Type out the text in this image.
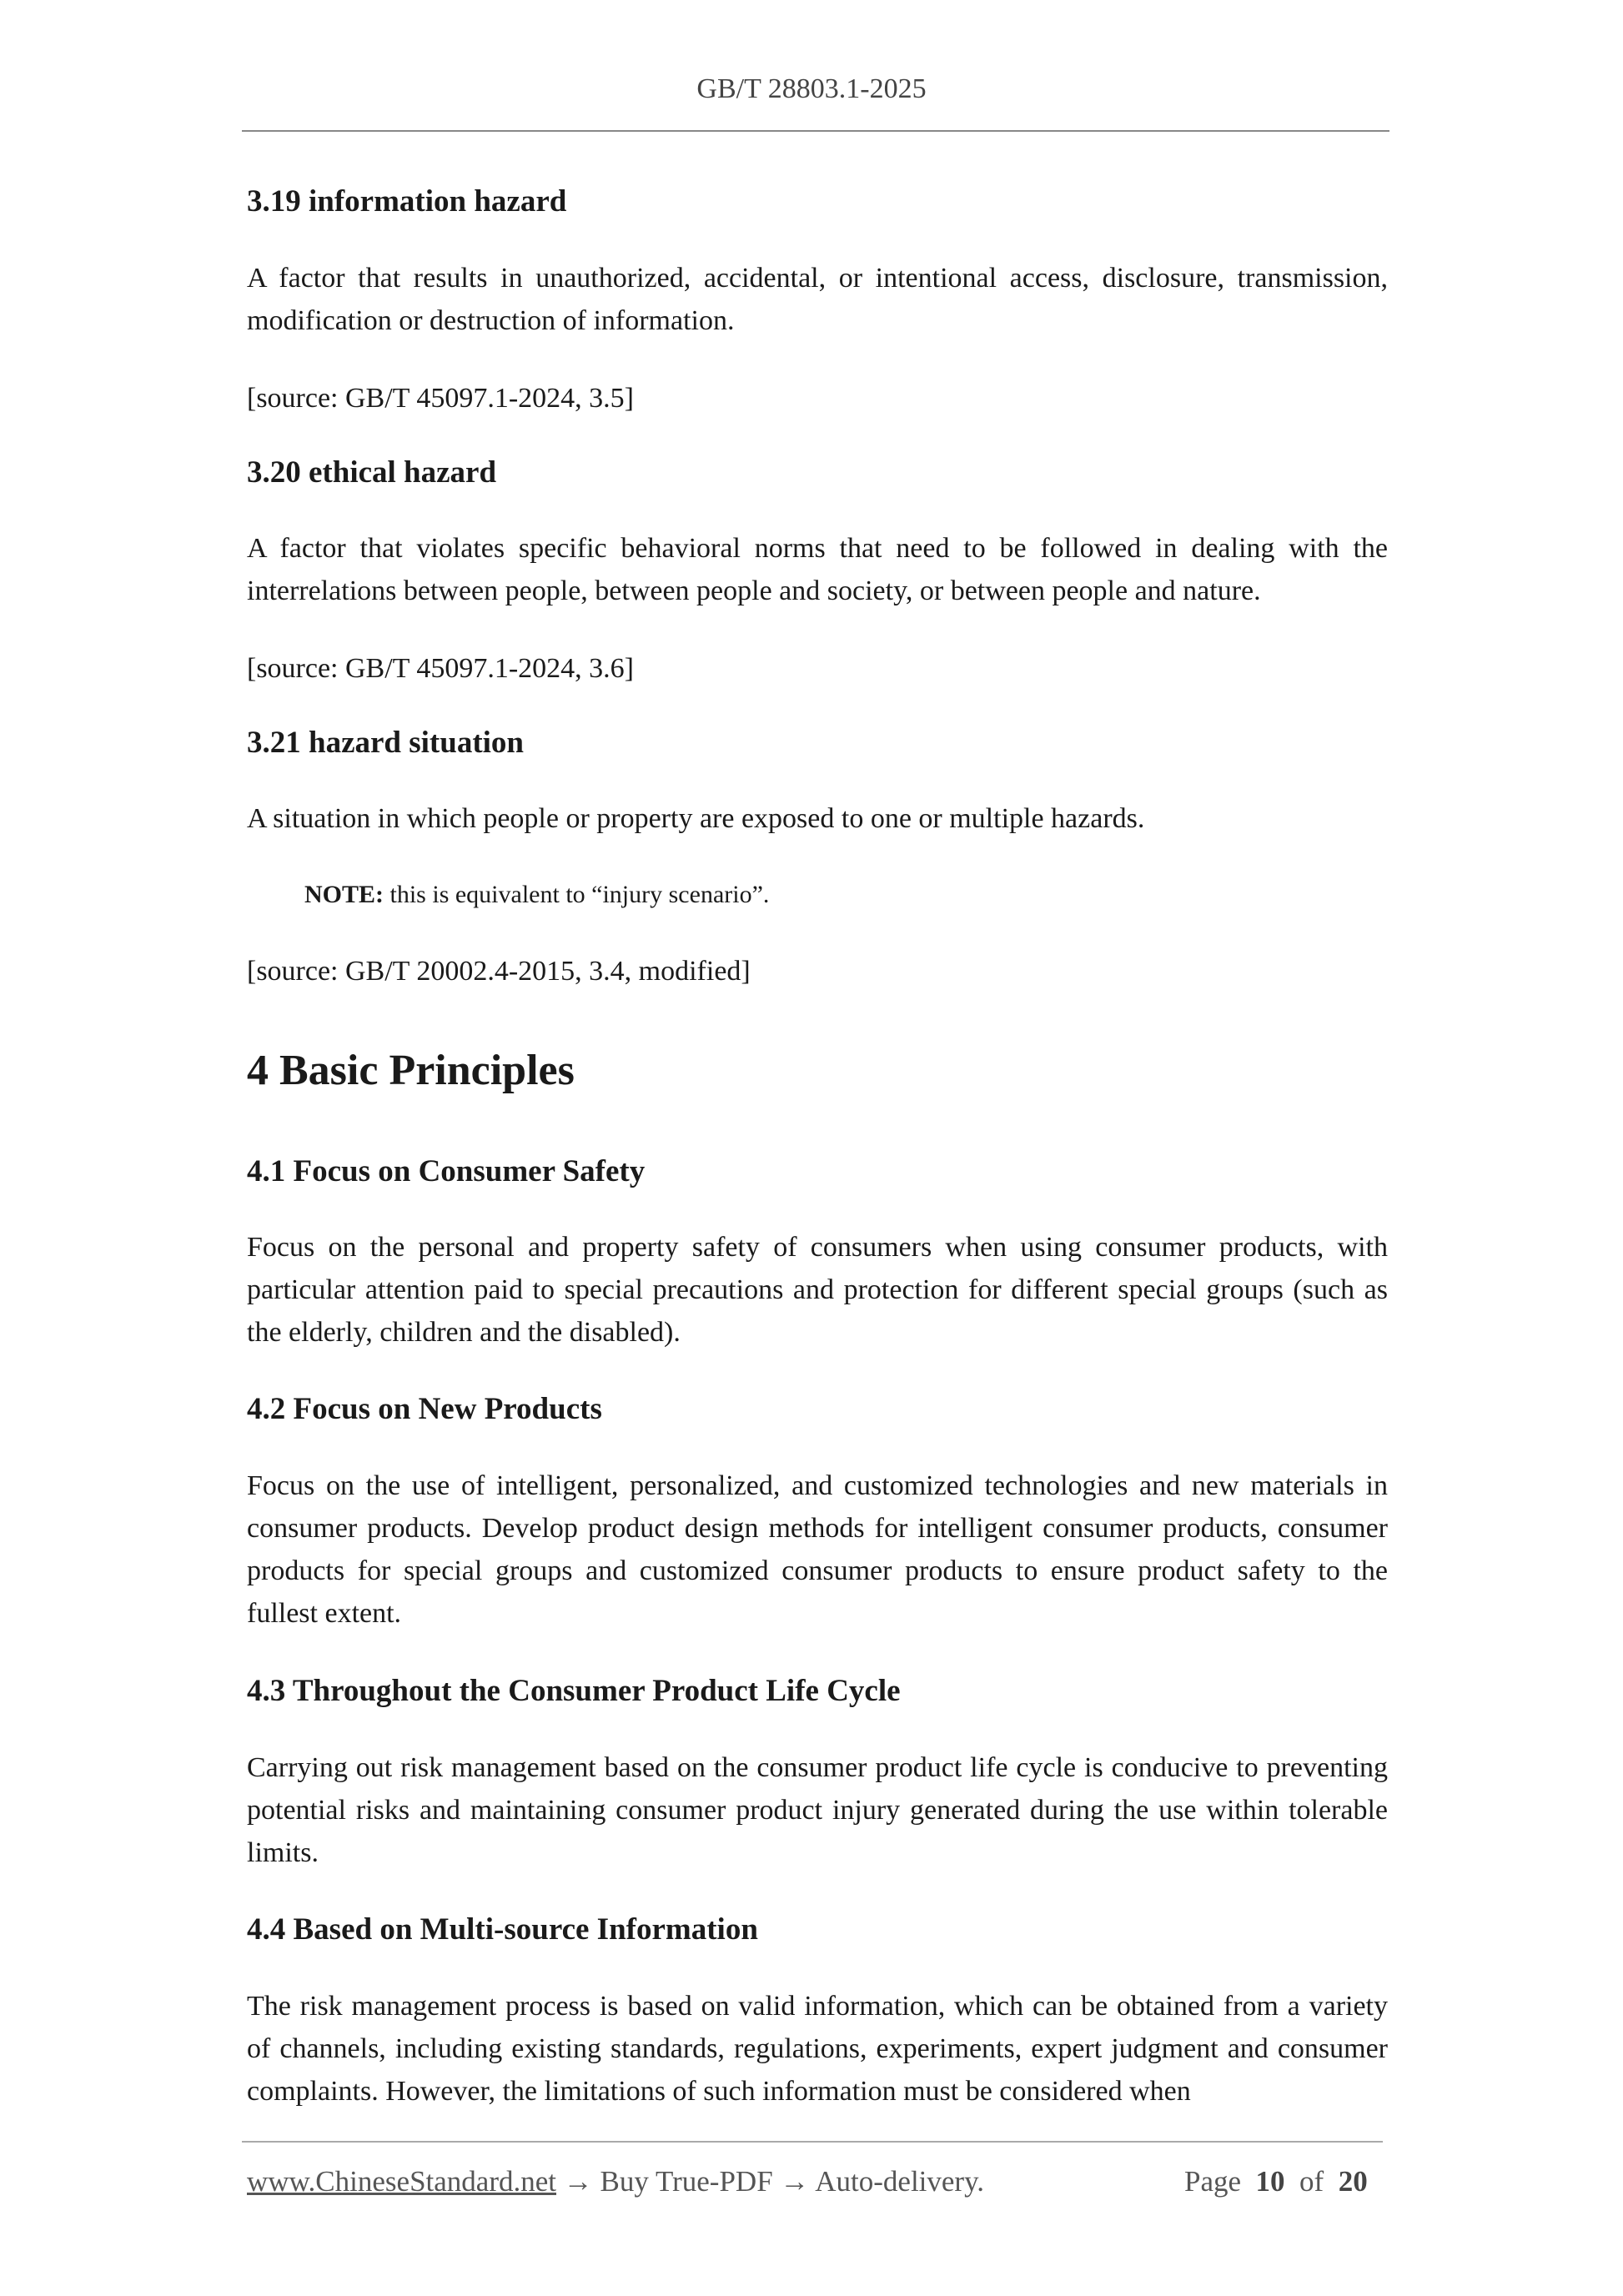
GB/T 28803.1-2025
3.19 information hazard

A factor that results in unauthorized, accidental, or intentional access, disclosure, transmission, modification or destruction of information.

[source: GB/T 45097.1-2024, 3.5]
3.20 ethical hazard

A factor that violates specific behavioral norms that need to be followed in dealing with the interrelations between people, between people and society, or between people and nature.

[source: GB/T 45097.1-2024, 3.6]
3.21 hazard situation

A situation in which people or property are exposed to one or multiple hazards.

NOTE: this is equivalent to “injury scenario”.
[source: GB/T 20002.4-2015, 3.4, modified]
4 Basic Principles
4.1 Focus on Consumer Safety

Focus on the personal and property safety of consumers when using consumer products, with particular attention paid to special precautions and protection for different special groups (such as the elderly, children and the disabled).

4.2 Focus on New Products

Focus on the use of intelligent, personalized, and customized technologies and new materials in consumer products. Develop product design methods for intelligent consumer products, consumer products for special groups and customized consumer products to ensure product safety to the fullest extent.

4.3 Throughout the Consumer Product Life Cycle

Carrying out risk management based on the consumer product life cycle is conducive to preventing potential risks and maintaining consumer product injury generated during the use within tolerable limits.

4.4 Based on Multi-source Information

The risk management process is based on valid information, which can be obtained from a variety of channels, including existing standards, regulations, experiments, expert judgment and consumer complaints. However, the limitations of such information must be considered when

www.ChineseStandard.net → Buy True-PDF → Auto-delivery.	Page 10 of 20
